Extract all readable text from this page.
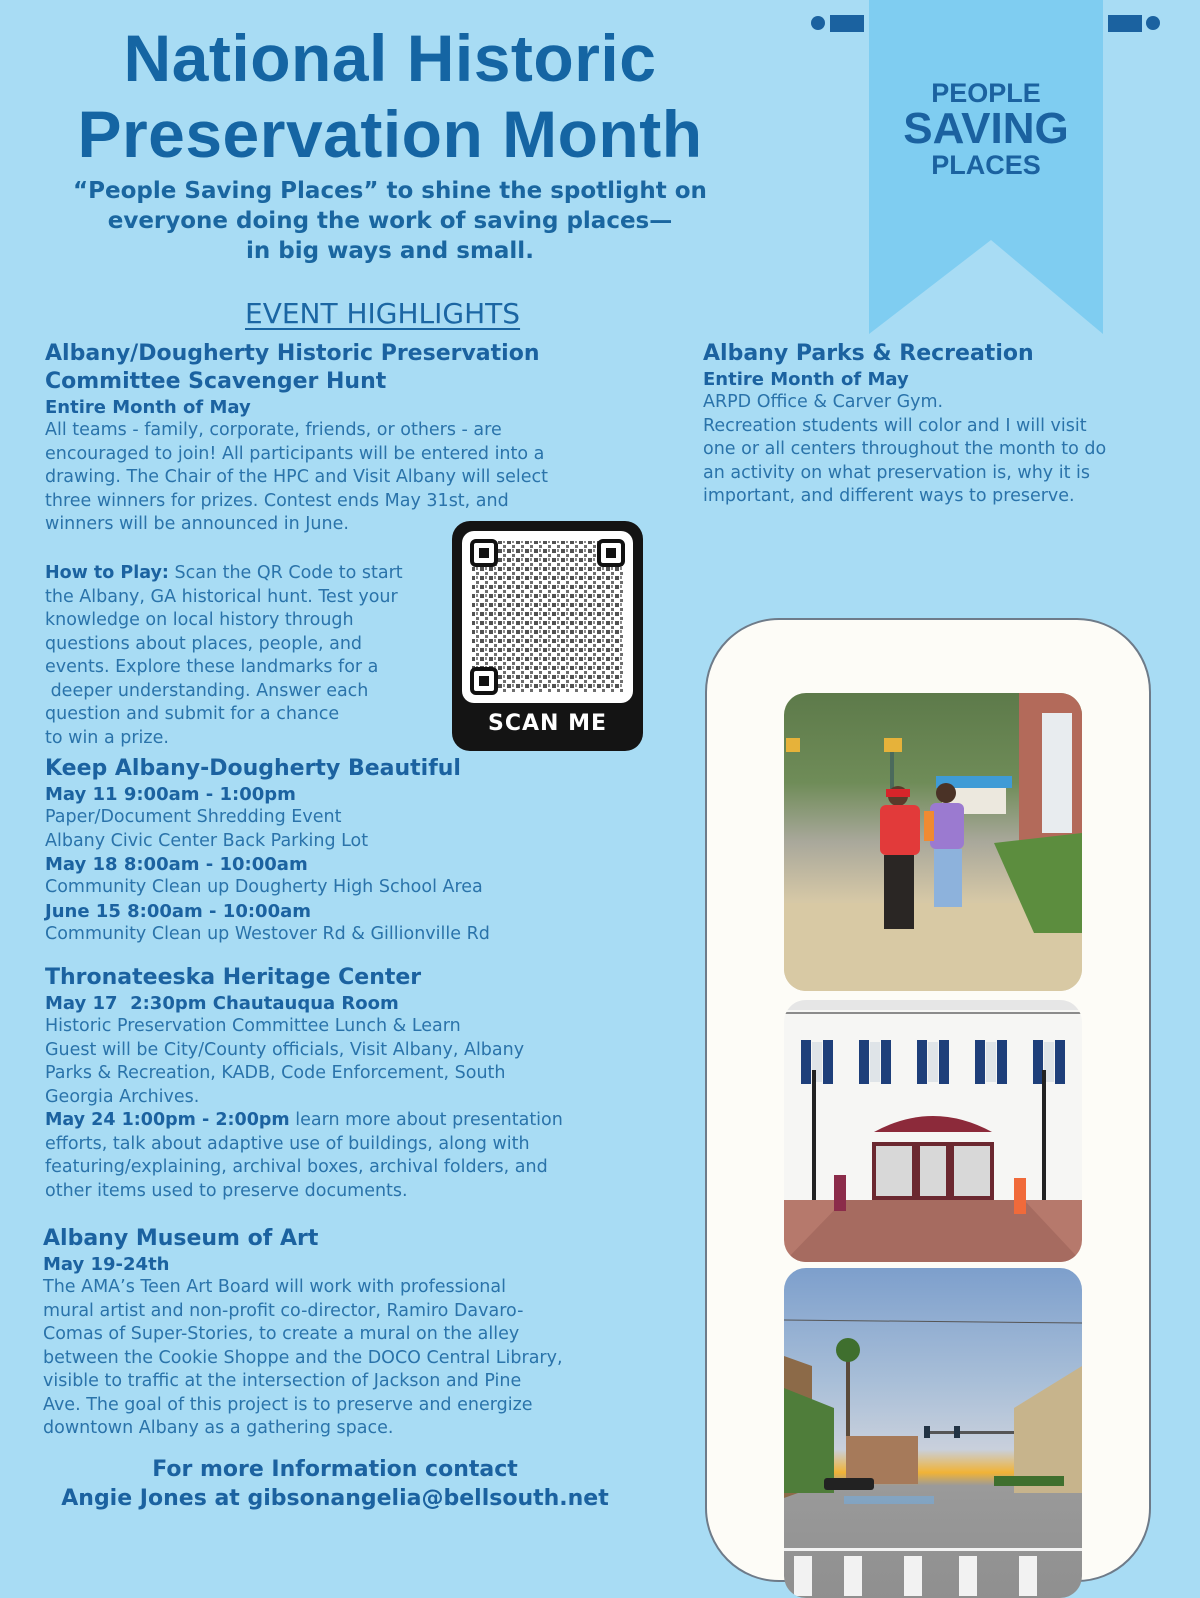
National Historic
Preservation Month
“People Saving Places” to shine the spotlight on
everyone doing the work of saving places—
in big ways and small.
PEOPLE
SAVING
PLACES
EVENT HIGHLIGHTS
Albany/Dougherty Historic Preservation
Committee Scavenger Hunt
Entire Month of May
All teams - family, corporate, friends, or others - are
encouraged to join! All participants will be entered into a
drawing. The Chair of the HPC and Visit Albany will select
three winners for prizes. Contest ends May 31st, and
winners will be announced in June.
How to Play: Scan the QR Code to start
the Albany, GA historical hunt. Test your
knowledge on local history through
questions about places, people, and
events. Explore these landmarks for a
deeper understanding. Answer each
question and submit for a chance
to win a prize.
SCAN ME
Keep Albany-Dougherty Beautiful
May 11 9:00am - 1:00pm
Paper/Document Shredding Event
Albany Civic Center Back Parking Lot
May 18 8:00am - 10:00am
Community Clean up Dougherty High School Area
June 15 8:00am - 10:00am
Community Clean up Westover Rd & Gillionville Rd
Thronateeska Heritage Center
May 17  2:30pm Chautauqua Room
Historic Preservation Committee Lunch & Learn
Guest will be City/County officials, Visit Albany, Albany
Parks & Recreation, KADB, Code Enforcement, South
Georgia Archives.
May 24 1:00pm - 2:00pm learn more about presentation
efforts, talk about adaptive use of buildings, along with
featuring/explaining, archival boxes, archival folders, and
other items used to preserve documents.
Albany Museum of Art
May 19-24th
The AMA’s Teen Art Board will work with professional
mural artist and non-profit co-director, Ramiro Davaro-
Comas of Super-Stories, to create a mural on the alley
between the Cookie Shoppe and the DOCO Central Library,
visible to traffic at the intersection of Jackson and Pine
Ave. The goal of this project is to preserve and energize
downtown Albany as a gathering space.
Albany Parks & Recreation
Entire Month of May
ARPD Office & Carver Gym.
Recreation students will color and I will visit
one or all centers throughout the month to do
an activity on what preservation is, why it is
important, and different ways to preserve.
For more Information contact
Angie Jones at gibsonangelia@bellsouth.net
